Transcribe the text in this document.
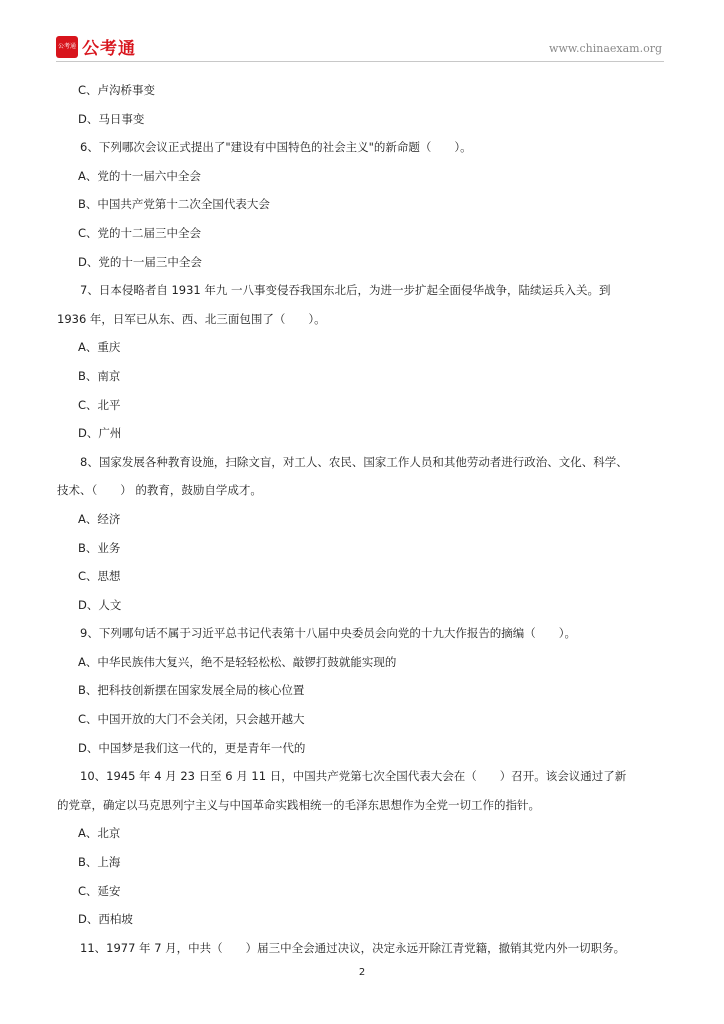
公考通 公考通	www.chinaexam.org
C、卢沟桥事变
D、马日事变
6、下列哪次会议正式提出了"建设有中国特色的社会主义"的新命题（　　）。
A、党的十一届六中全会
B、中国共产党第十二次全国代表大会
C、党的十二届三中全会
D、党的十一届三中全会
7、日本侵略者自 1931 年九 一八事变侵吞我国东北后，为进一步扩起全面侵华战争，陆续运兵入关。到
1936 年，日军已从东、西、北三面包围了（　　）。
A、重庆
B、南京
C、北平
D、广州
8、国家发展各种教育设施，扫除文盲，对工人、农民、国家工作人员和其他劳动者进行政治、文化、科学、
技术、（　　） 的教育，鼓励自学成才。
A、经济
B、业务
C、思想
D、人文
9、下列哪句话不属于习近平总书记代表第十八届中央委员会向党的十九大作报告的摘编（　　）。
A、中华民族伟大复兴，绝不是轻轻松松、敲锣打鼓就能实现的
B、把科技创新摆在国家发展全局的核心位置
C、中国开放的大门不会关闭，只会越开越大
D、中国梦是我们这一代的，更是青年一代的
10、1945 年 4 月 23 日至 6 月 11 日，中国共产党第七次全国代表大会在（　　）召开。该会议通过了新
的党章，确定以马克思列宁主义与中国革命实践相统一的毛泽东思想作为全党一切工作的指针。
A、北京
B、上海
C、延安
D、西柏坡
11、1977 年 7 月，中共（　　）届三中全会通过决议，决定永远开除江青党籍，撤销其党内外一切职务。
2
